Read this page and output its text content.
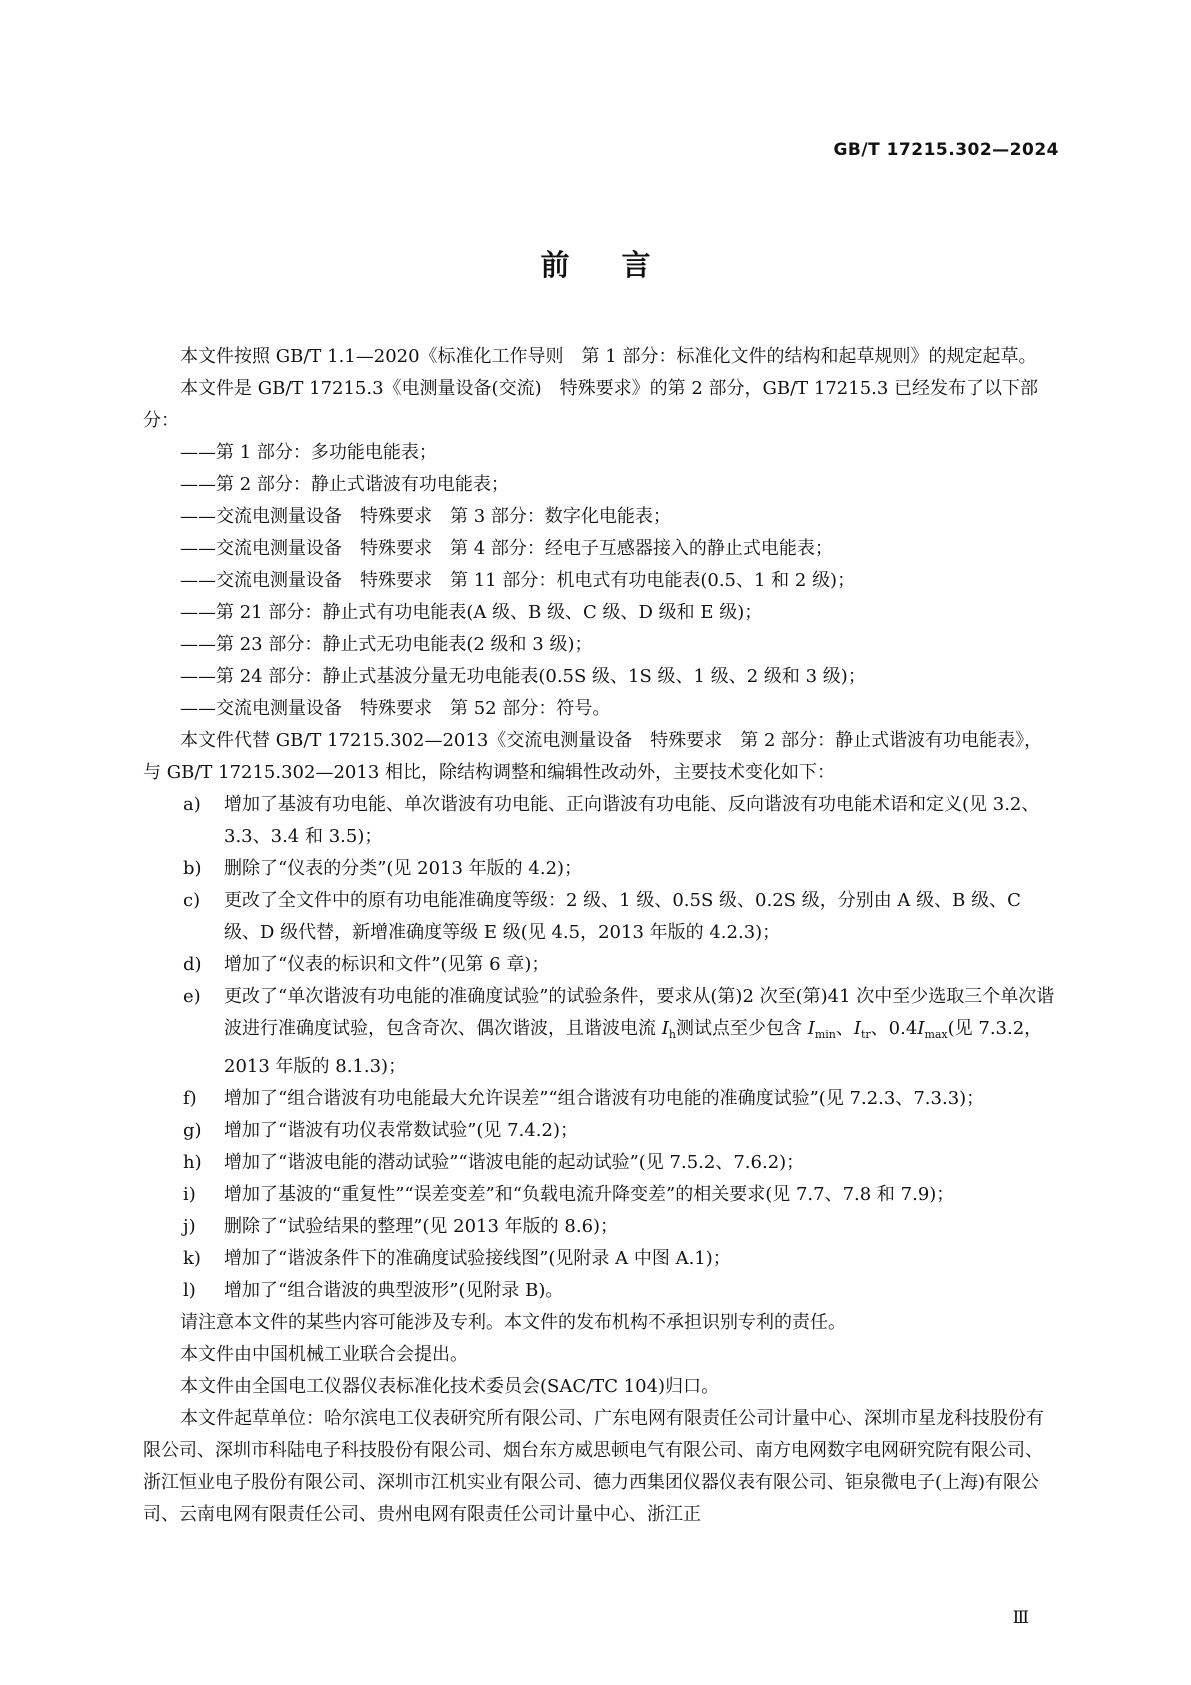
GB/T 17215.302—2024
前言

本文件按照 GB/T 1.1—2020《标准化工作导则　第 1 部分：标准化文件的结构和起草规则》的规定起草。

本文件是 GB/T 17215.3《电测量设备(交流)　特殊要求》的第 2 部分，GB/T 17215.3 已经发布了以下部分：

——第 1 部分：多功能电能表；

——第 2 部分：静止式谐波有功电能表；

——交流电测量设备　特殊要求　第 3 部分：数字化电能表；

——交流电测量设备　特殊要求　第 4 部分：经电子互感器接入的静止式电能表；

——交流电测量设备　特殊要求　第 11 部分：机电式有功电能表(0.5、1 和 2 级)；

——第 21 部分：静止式有功电能表(A 级、B 级、C 级、D 级和 E 级)；

——第 23 部分：静止式无功电能表(2 级和 3 级)；

——第 24 部分：静止式基波分量无功电能表(0.5S 级、1S 级、1 级、2 级和 3 级)；

——交流电测量设备　特殊要求　第 52 部分：符号。

本文件代替 GB/T 17215.302—2013《交流电测量设备　特殊要求　第 2 部分：静止式谐波有功电能表》，与 GB/T 17215.302—2013 相比，除结构调整和编辑性改动外，主要技术变化如下：

a)	增加了基波有功电能、单次谐波有功电能、正向谐波有功电能、反向谐波有功电能术语和定义(见 3.2、3.3、3.4 和 3.5)；
b)	删除了“仪表的分类”(见 2013 年版的 4.2)；
c)	更改了全文件中的原有功电能准确度等级：2 级、1 级、0.5S 级、0.2S 级，分别由 A 级、B 级、C 级、D 级代替，新增准确度等级 E 级(见 4.5，2013 年版的 4.2.3)；
d)	增加了“仪表的标识和文件”(见第 6 章)；
e)	更改了“单次谐波有功电能的准确度试验”的试验条件，要求从(第)2 次至(第)41 次中至少选取三个单次谐波进行准确度试验，包含奇次、偶次谐波，且谐波电流 $I_h$测试点至少包含 $I_{min}$、$I_{tr}$、$0.4I_{max}$(见 7.3.2，2013 年版的 8.1.3)；
f)	增加了“组合谐波有功电能最大允许误差”“组合谐波有功电能的准确度试验”(见 7.2.3、7.3.3)；
g)	增加了“谐波有功仪表常数试验”(见 7.4.2)；
h)	增加了“谐波电能的潜动试验”“谐波电能的起动试验”(见 7.5.2、7.6.2)；
i)	增加了基波的“重复性”“误差变差”和“负载电流升降变差”的相关要求(见 7.7、7.8 和 7.9)；
j)	删除了“试验结果的整理”(见 2013 年版的 8.6)；
k)	增加了“谐波条件下的准确度试验接线图”(见附录 A 中图 A.1)；
l)	增加了“组合谐波的典型波形”(见附录 B)。

请注意本文件的某些内容可能涉及专利。本文件的发布机构不承担识别专利的责任。

本文件由中国机械工业联合会提出。

本文件由全国电工仪器仪表标准化技术委员会(SAC/TC 104)归口。

本文件起草单位：哈尔滨电工仪表研究所有限公司、广东电网有限责任公司计量中心、深圳市星龙科技股份有限公司、深圳市科陆电子科技股份有限公司、烟台东方威思顿电气有限公司、南方电网数字电网研究院有限公司、浙江恒业电子股份有限公司、深圳市江机实业有限公司、德力西集团仪器仪表有限公司、钜泉微电子(上海)有限公司、云南电网有限责任公司、贵州电网有限责任公司计量中心、浙江正

Ⅲ
